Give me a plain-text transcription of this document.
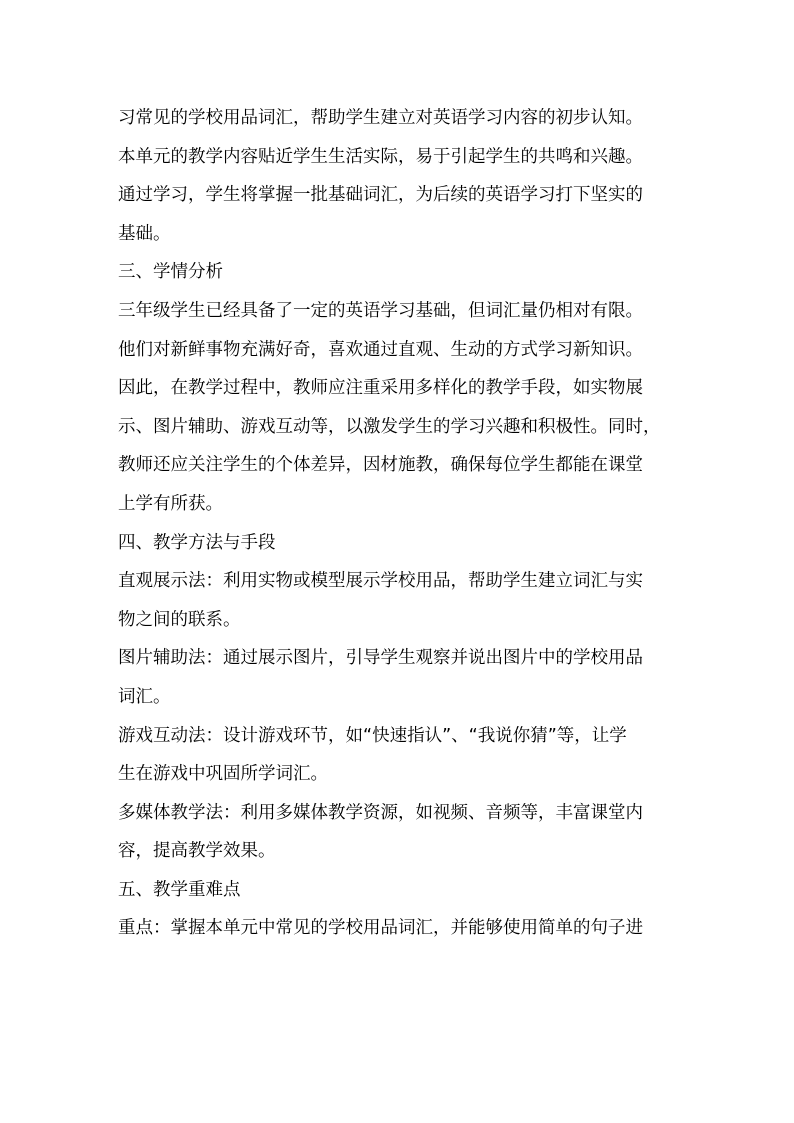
习常见的学校用品词汇，帮助学生建立对英语学习内容的初步认知。
本单元的教学内容贴近学生生活实际，易于引起学生的共鸣和兴趣。
通过学习，学生将掌握一批基础词汇，为后续的英语学习打下坚实的
基础。
三、学情分析
三年级学生已经具备了一定的英语学习基础，但词汇量仍相对有限。
他们对新鲜事物充满好奇，喜欢通过直观、生动的方式学习新知识。
因此，在教学过程中，教师应注重采用多样化的教学手段，如实物展
示、图片辅助、游戏互动等，以激发学生的学习兴趣和积极性。同时，
教师还应关注学生的个体差异，因材施教，确保每位学生都能在课堂
上学有所获。
四、教学方法与手段
直观展示法：利用实物或模型展示学校用品，帮助学生建立词汇与实
物之间的联系。
图片辅助法：通过展示图片，引导学生观察并说出图片中的学校用品
词汇。
游戏互动法：设计游戏环节，如“快速指认”、“我说你猜”等，让学
生在游戏中巩固所学词汇。
多媒体教学法：利用多媒体教学资源，如视频、音频等，丰富课堂内
容，提高教学效果。
五、教学重难点
重点：掌握本单元中常见的学校用品词汇，并能够使用简单的句子进
